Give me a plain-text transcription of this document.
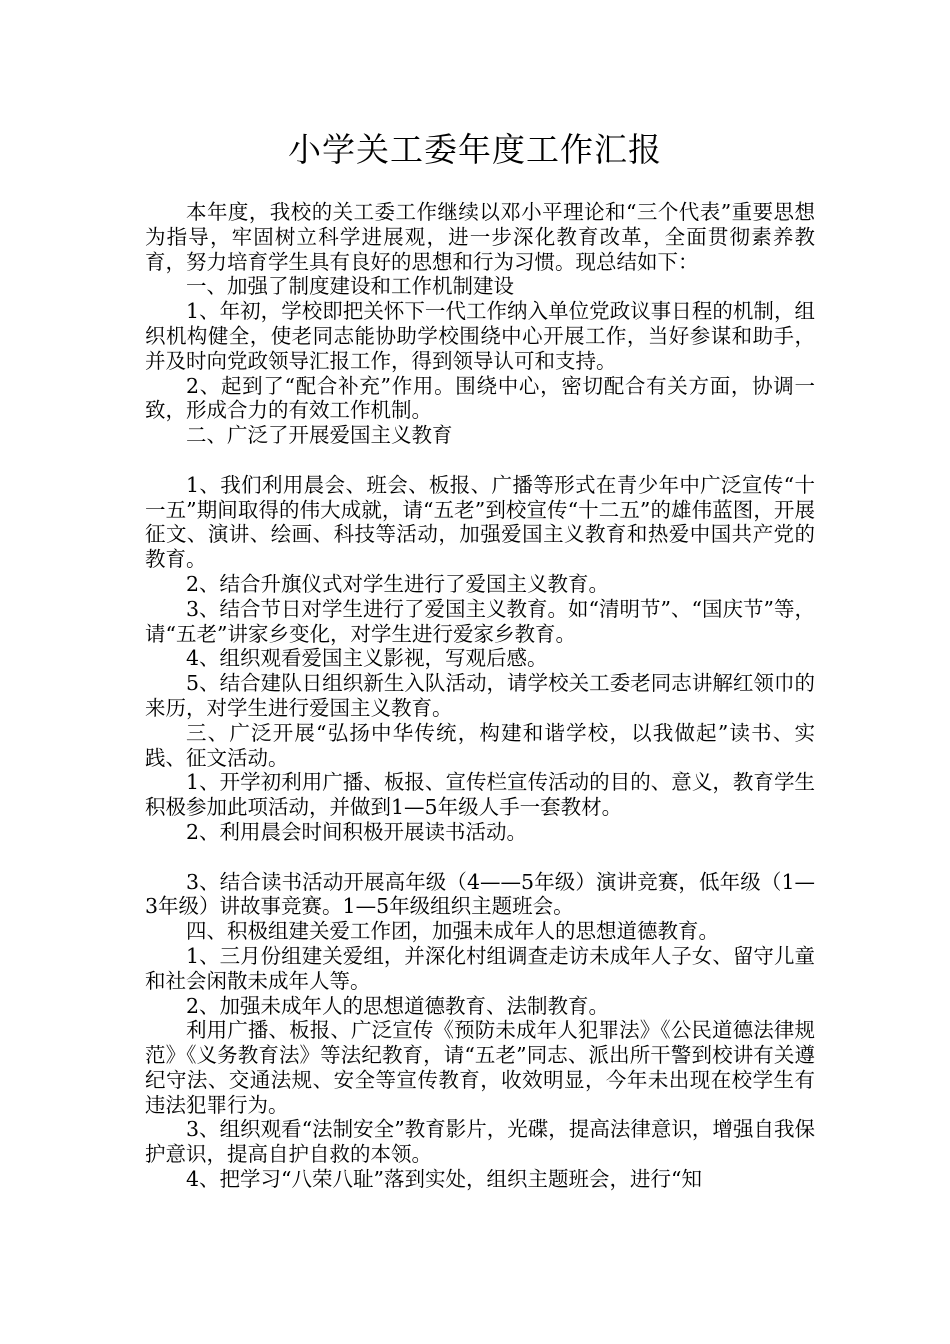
小学关工委年度工作汇报

本年度，我校的关工委工作继续以邓小平理论和“三个代表”重要思想为指导，牢固树立科学进展观，进一步深化教育改革，全面贯彻素养教育，努力培育学生具有良好的思想和行为习惯。现总结如下：

一、加强了制度建设和工作机制建设

1、年初，学校即把关怀下一代工作纳入单位党政议事日程的机制，组织机构健全，使老同志能协助学校围绕中心开展工作，当好参谋和助手，并及时向党政领导汇报工作，得到领导认可和支持。

2、起到了“配合补充”作用。围绕中心，密切配合有关方面，协调一致，形成合力的有效工作机制。

二、广泛了开展爱国主义教育

1、我们利用晨会、班会、板报、广播等形式在青少年中广泛宣传“十一五”期间取得的伟大成就，请“五老”到校宣传“十二五”的雄伟蓝图，开展征文、演讲、绘画、科技等活动，加强爱国主义教育和热爱中国共产党的教育。

2、结合升旗仪式对学生进行了爱国主义教育。

3、结合节日对学生进行了爱国主义教育。如“清明节”、“国庆节”等，请“五老”讲家乡变化，对学生进行爱家乡教育。

4、组织观看爱国主义影视，写观后感。

5、结合建队日组织新生入队活动，请学校关工委老同志讲解红领巾的来历，对学生进行爱国主义教育。

三、广泛开展“弘扬中华传统，构建和谐学校，以我做起”读书、实践、征文活动。

1、开学初利用广播、板报、宣传栏宣传活动的目的、意义，教育学生积极参加此项活动，并做到1—5年级人手一套教材。

2、利用晨会时间积极开展读书活动。

3、结合读书活动开展高年级（4——5年级）演讲竞赛，低年级（1—3年级）讲故事竞赛。1—5年级组织主题班会。

四、积极组建关爱工作团，加强未成年人的思想道德教育。

1、三月份组建关爱组，并深化村组调查走访未成年人子女、留守儿童和社会闲散未成年人等。

2、加强未成年人的思想道德教育、法制教育。

利用广播、板报、广泛宣传《预防未成年人犯罪法》《公民道德法律规范》《义务教育法》等法纪教育，请“五老”同志、派出所干警到校讲有关遵纪守法、交通法规、安全等宣传教育，收效明显，今年未出现在校学生有违法犯罪行为。

3、组织观看“法制安全”教育影片，光碟，提高法律意识，增强自我保护意识，提高自护自救的本领。

4、把学习“八荣八耻”落到实处，组织主题班会，进行“知
